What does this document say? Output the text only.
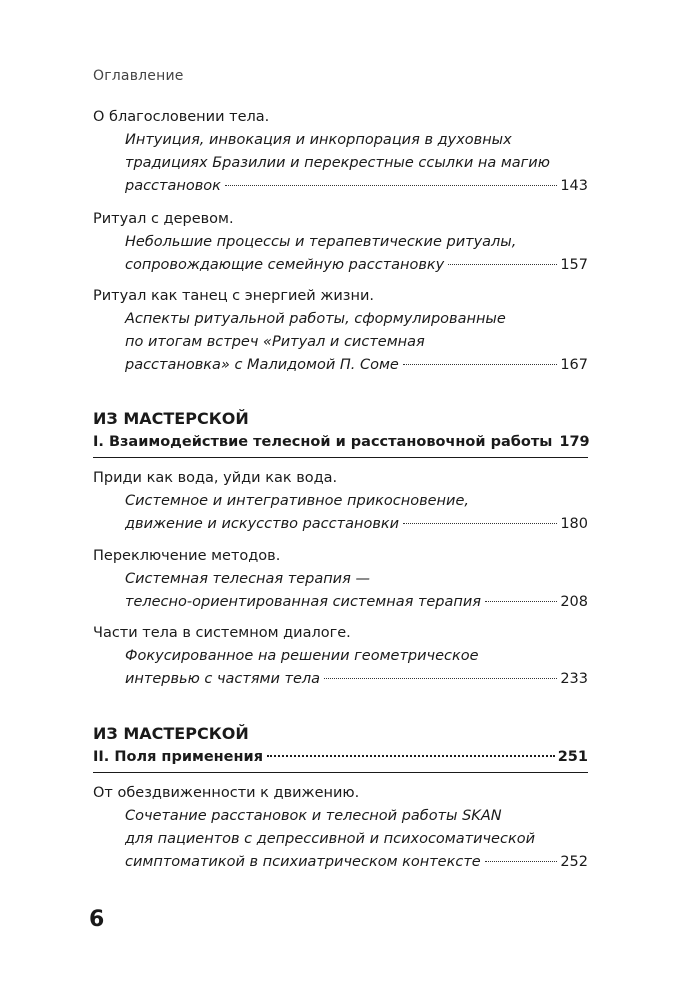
Оглавление
О благословении тела.
Интуиция, инвокация и инкорпорация в духовных
традициях Бразилии и перекрестные ссылки на магию
расстановок	143
Ритуал с деревом.
Небольшие процессы и терапевтические ритуалы,
сопровождающие семейную расстановку	157
Ритуал как танец с энергией жизни.
Аспекты ритуальной работы, сформулированные
по итогам встреч «Ритуал и системная
расстановка» с Малидомой П. Соме	167
ИЗ МАСТЕРСКОЙ
I. Взаимодействие телесной и расстановочной работы 179
Приди как вода, уйди как вода.
Системное и интегративное прикосновение,
движение и искусство расстановки	180
Переключение методов.
Системная телесная терапия —
телесно-ориентированная системная терапия	208
Части тела в системном диалоге.
Фокусированное на решении геометрическое
интервью с частями тела	233
ИЗ МАСТЕРСКОЙ
II. Поля применения	251
От обездвиженности к движению.
Сочетание расстановок и телесной работы SKAN
для пациентов с депрессивной и психосоматической
симптоматикой в психиатрическом контексте	252
6
